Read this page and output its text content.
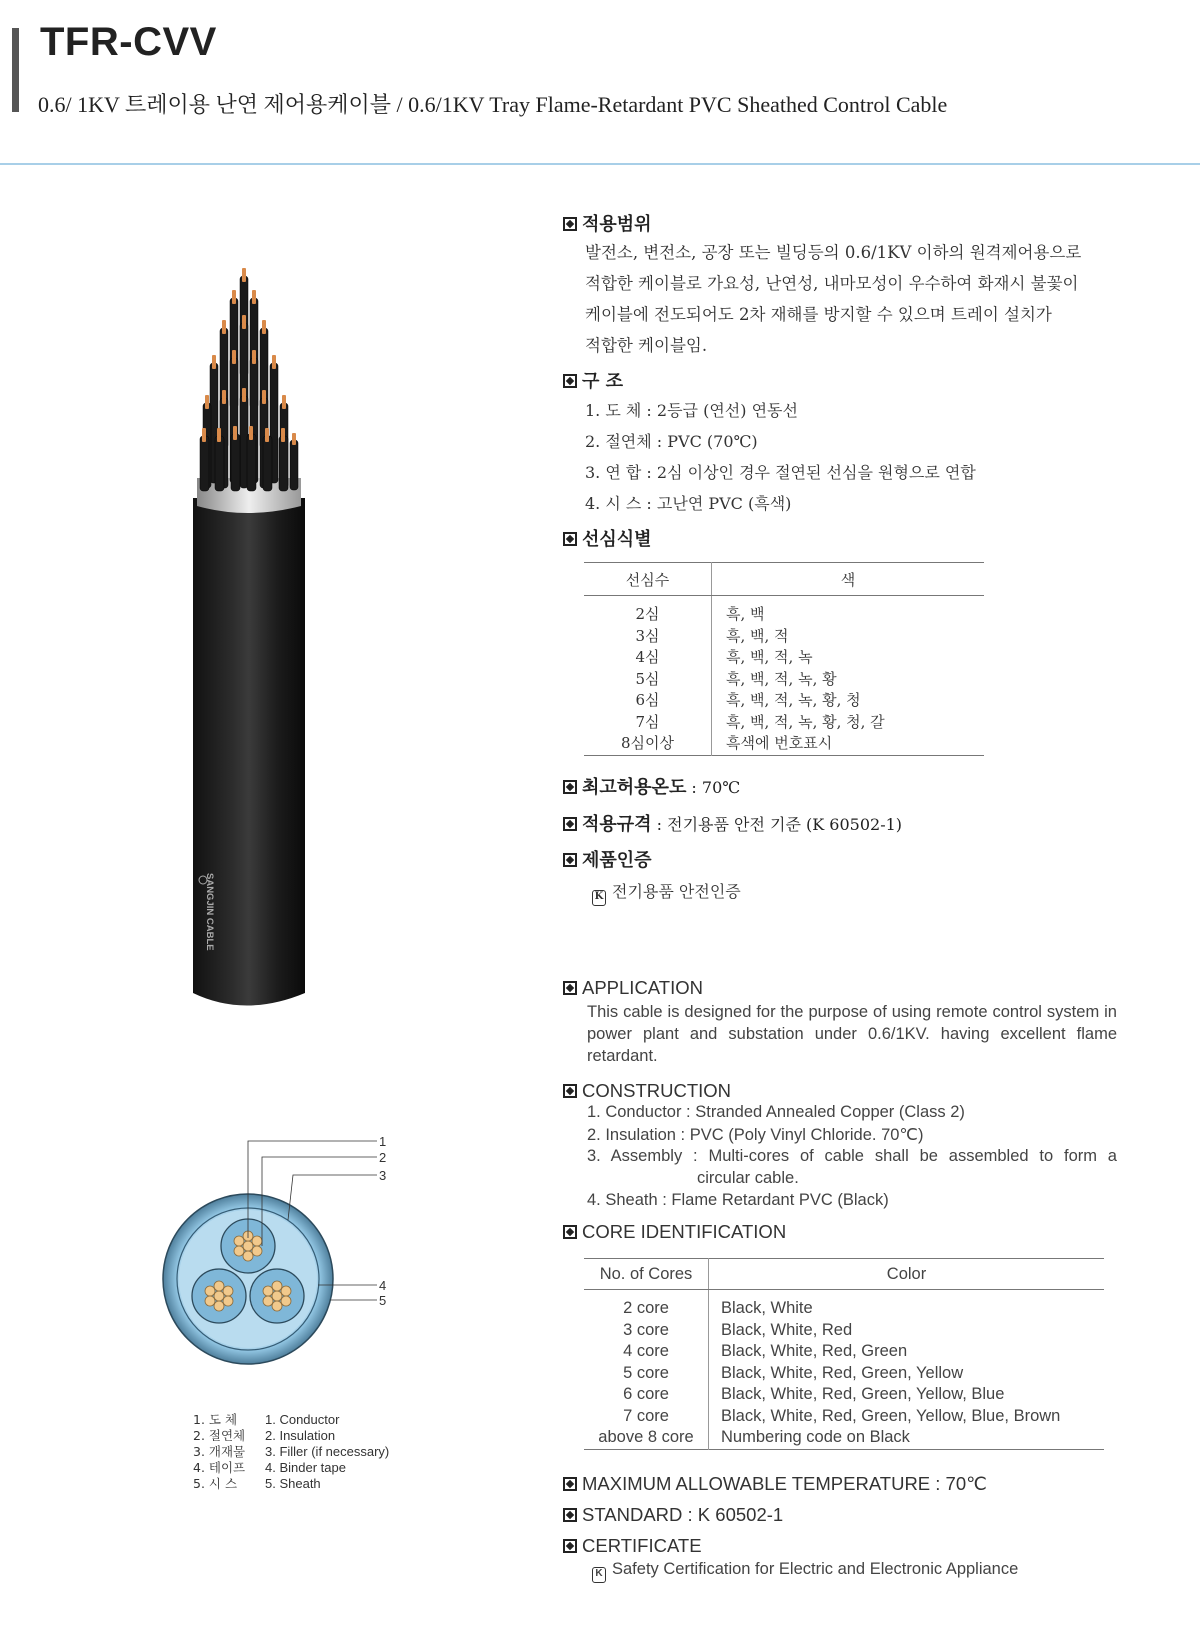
TFR-CVV
0.6/ 1KV 트레이용 난연 제어용케이블 / 0.6/1KV Tray Flame-Retardant PVC Sheathed Control Cable
SANGJIN CABLE
1
2
3
4
5
1. 도 체
2. 절연체
3. 개재물
4. 테이프
5. 시 스
1. Conductor
2. Insulation
3. Filler (if necessary)
4. Binder tape
5. Sheath
적용범위
발전소, 변전소, 공장 또는 빌딩등의 0.6/1KV 이하의 원격제어용으로
적합한 케이블로 가요성, 난연성, 내마모성이 우수하여 화재시 불꽃이
케이블에 전도되어도 2차 재해를 방지할 수 있으며 트레이 설치가
적합한 케이블임.
구 조
1. 도 체 : 2등급 (연선) 연동선
2. 절연체 : PVC (70℃)
3. 연 합 : 2심 이상인 경우 절연된 선심을 원형으로 연합
4. 시 스 : 고난연 PVC (흑색)
선심식별
선심수	색
2심	흑, 백
3심	흑, 백, 적
4심	흑, 백, 적, 녹
5심	흑, 백, 적, 녹, 황
6심	흑, 백, 적, 녹, 황, 청
7심	흑, 백, 적, 녹, 황, 청, 갈
8심이상	흑색에 번호표시
최고허용온도 : 70℃
적용규격 : 전기용품 안전 기준 (K 60502-1)
제품인증
K 전기용품 안전인증
APPLICATION
This cable is designed for the purpose of using remote control system in power plant and substation under 0.6/1KV. having excellent flame retardant.
CONSTRUCTION
1. Conductor : Stranded Annealed Copper (Class 2)
2. Insulation : PVC (Poly Vinyl Chloride. 70℃)
3. Assembly : Multi-cores of cable shall be assembled to form a
circular cable.
4. Sheath : Flame Retardant PVC (Black)
CORE IDENTIFICATION
No. of Cores	Color
2 core	Black, White
3 core	Black, White, Red
4 core	Black, White, Red, Green
5 core	Black, White, Red, Green, Yellow
6 core	Black, White, Red, Green, Yellow, Blue
7 core	Black, White, Red, Green, Yellow, Blue, Brown
above 8 core	Numbering code on Black
MAXIMUM ALLOWABLE TEMPERATURE : 70℃
STANDARD : K 60502-1
CERTIFICATE
K Safety Certification for Electric and Electronic Appliance
